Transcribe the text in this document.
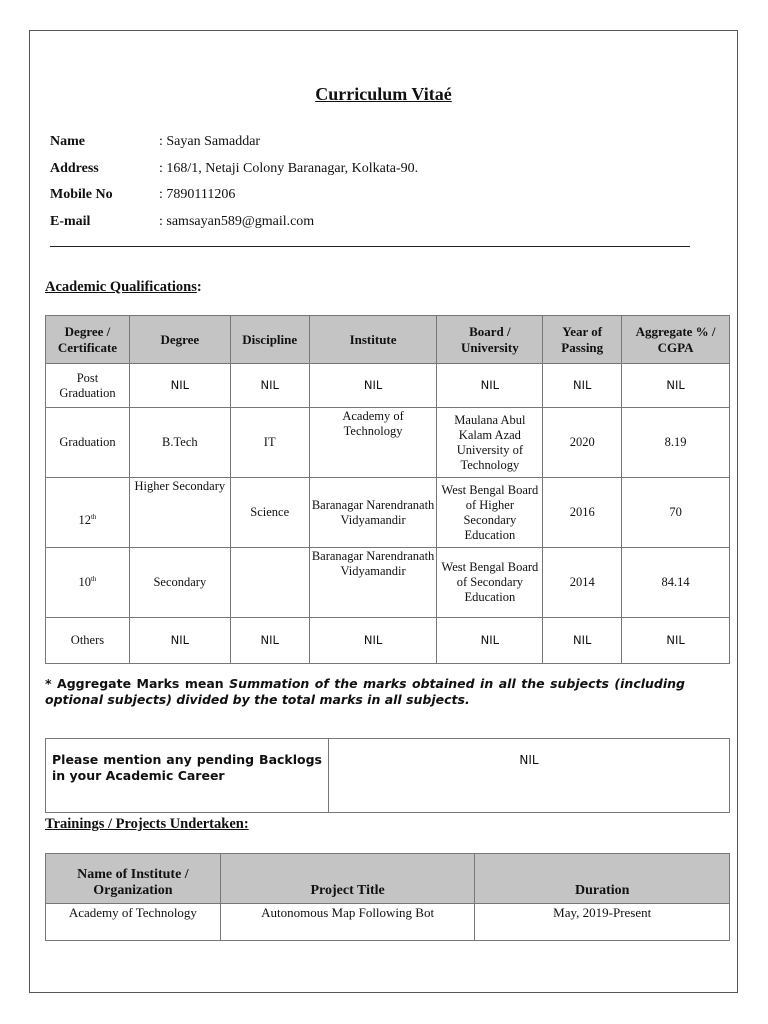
Curriculum Vitaé
Name	: Sayan Samaddar
Address	: 168/1, Netaji Colony Baranagar, Kolkata-90.
Mobile No	: 7890111206
E-mail	: samsayan589@gmail.com
Academic Qualifications:
Degree / Certificate	Degree	Discipline	Institute	Board / University	Year of Passing	Aggregate % / CGPA
Post Graduation	NIL	NIL	NIL	NIL	NIL	NIL
Graduation	B.Tech	IT	Academy of Technology	Maulana Abul Kalam Azad University of Technology	2020	8.19
12th	Higher Secondary	Science	Baranagar Narendranath Vidyamandir	West Bengal Board of Higher Secondary Education	2016	70
10th	Secondary		Baranagar Narendranath Vidyamandir	West Bengal Board of Secondary Education	2014	84.14
Others	NIL	NIL	NIL	NIL	NIL	NIL
* Aggregate Marks mean Summation of the marks obtained in all the subjects (including optional subjects) divided by the total marks in all subjects.
Please mention any pending Backlogs in your Academic Career	NIL
Trainings / Projects Undertaken:
Name of Institute / Organization	Project Title	Duration
Academy of Technology	Autonomous Map Following Bot	May, 2019-Present
